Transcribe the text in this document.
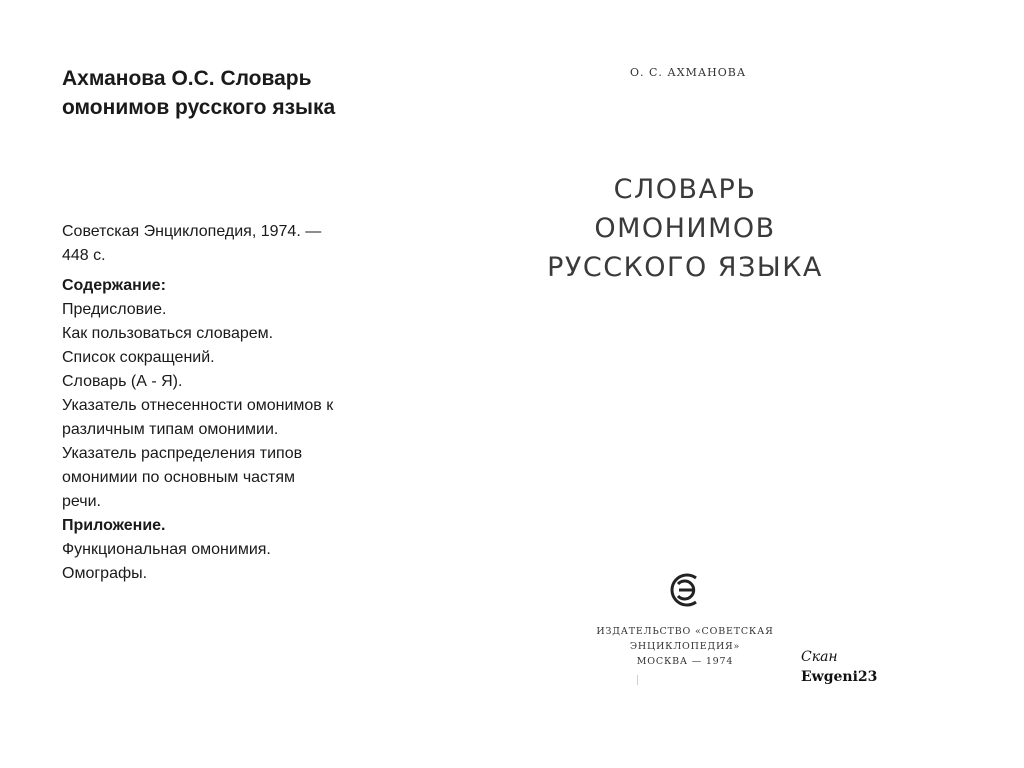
Ахманова О.С. Словарь
омонимов русского языка
Советская Энциклопедия, 1974. —
448 с.
Содержание:
Предисловие.
Как пользоваться словарем.
Список сокращений.
Словарь (А - Я).
Указатель отнесенности омонимов к
различным типам омонимии.
Указатель распределения типов
омонимии по основным частям
речи.
Приложение.
Функциональная омонимия.
Омографы.
О. С. АХМАНОВА
СЛОВАРЬ
ОМОНИМОВ
РУССКОГО ЯЗЫКА
ИЗДАТЕЛЬСТВО «СОВЕТСКАЯ ЭНЦИКЛОПЕДИЯ»
МОСКВА — 1974	Скан
Ewgeni23
